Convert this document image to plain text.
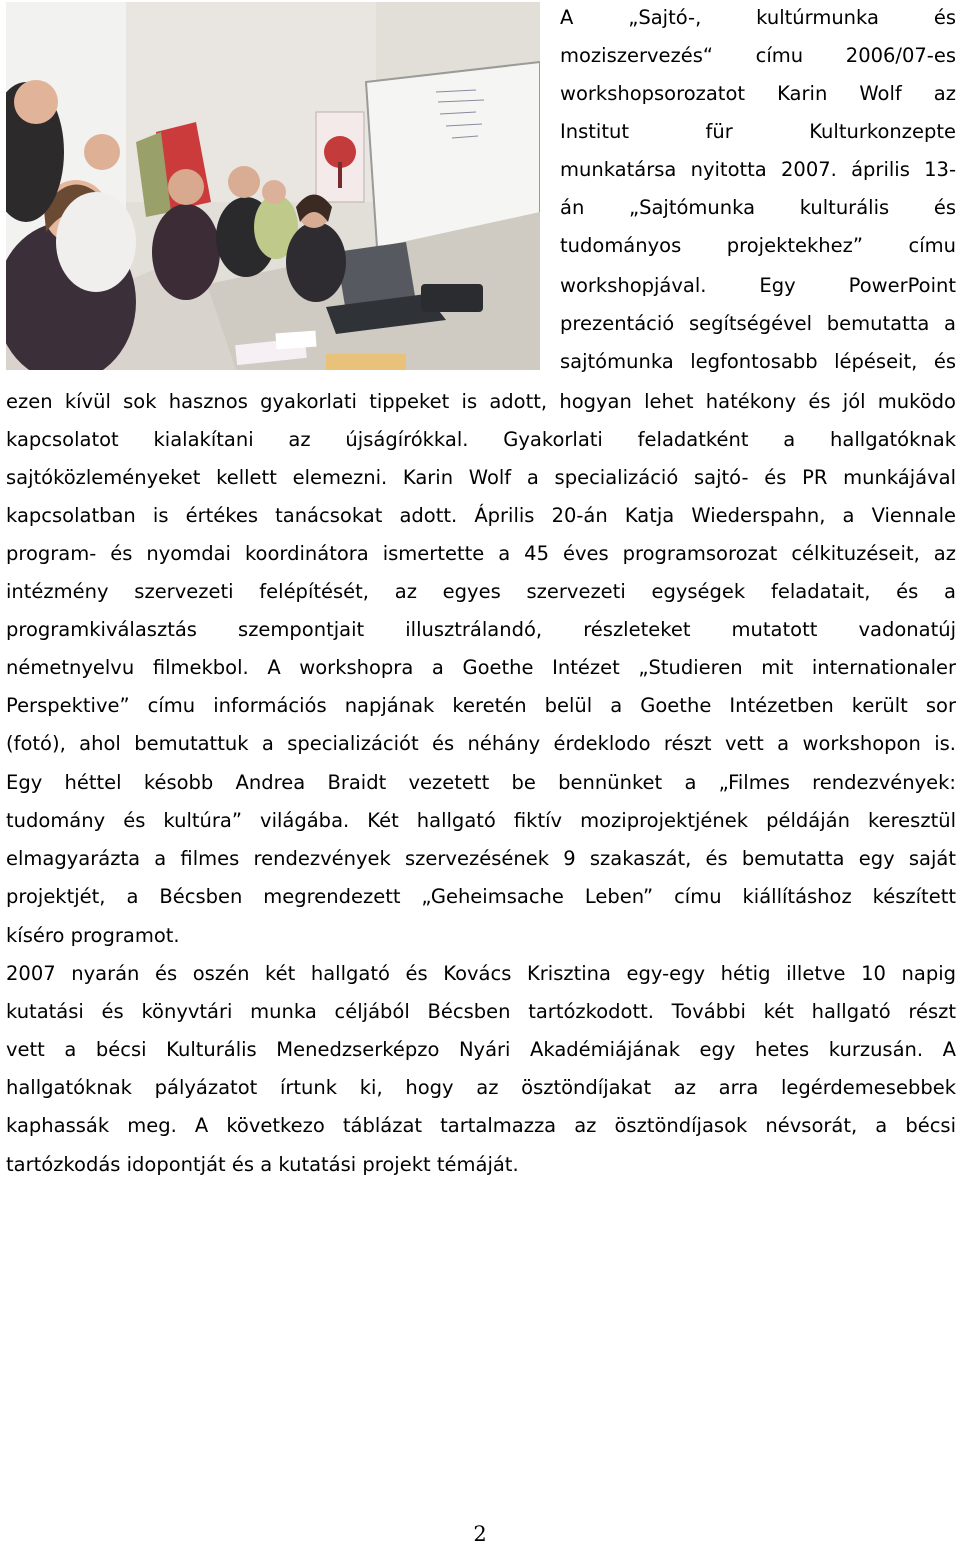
A „Sajtó-, kultúrmunka és
moziszervezés“ címu 2006/07-es
workshopsorozatot Karin Wolf az
Institut für Kulturkonzepte
munkatársa nyitotta 2007. április 13-
án „Sajtómunka kulturális és
tudományos projektekhez” címu
workshopjával. Egy PowerPoint
prezentáció segítségével bemutatta a
sajtómunka legfontosabb lépéseit, és
ezen kívül sok hasznos gyakorlati tippeket is adott, hogyan lehet hatékony és jól muködo
kapcsolatot kialakítani az újságírókkal. Gyakorlati feladatként a hallgatóknak
sajtóközleményeket kellett elemezni. Karin Wolf a specializáció sajtó- és PR munkájával
kapcsolatban is értékes tanácsokat adott. Április 20-án Katja Wiederspahn, a Viennale
program- és nyomdai koordinátora ismertette a 45 éves programsorozat célkituzéseit, az
intézmény szervezeti felépítését, az egyes szervezeti egységek feladatait, és a
programkiválasztás szempontjait illusztrálandó, részleteket mutatott vadonatúj
németnyelvu filmekbol. A workshopra a Goethe Intézet „Studieren mit internationaler
Perspektive” címu információs napjának keretén belül a Goethe Intézetben került sor
(fotó), ahol bemutattuk a specializációt és néhány érdeklodo részt vett a workshopon is.
Egy héttel késobb Andrea Braidt vezetett be bennünket a „Filmes rendezvények:
tudomány és kultúra” világába. Két hallgató fiktív moziprojektjének példáján keresztül
elmagyarázta a filmes rendezvények szervezésének 9 szakaszát, és bemutatta egy saját
projektjét, a Bécsben megrendezett „Geheimsache Leben” címu kiállításhoz készített
kíséro programot.
2007 nyarán és oszén két hallgató és Kovács Krisztina egy-egy hétig illetve 10 napig
kutatási és könyvtári munka céljából Bécsben tartózkodott. További két hallgató részt
vett a bécsi Kulturális Menedzserképzo Nyári Akadémiájának egy hetes kurzusán. A
hallgatóknak pályázatot írtunk ki, hogy az ösztöndíjakat az arra legérdemesebbek
kaphassák meg. A következo táblázat tartalmazza az ösztöndíjasok névsorát, a bécsi
tartózkodás idopontját és a kutatási projekt témáját.
2
